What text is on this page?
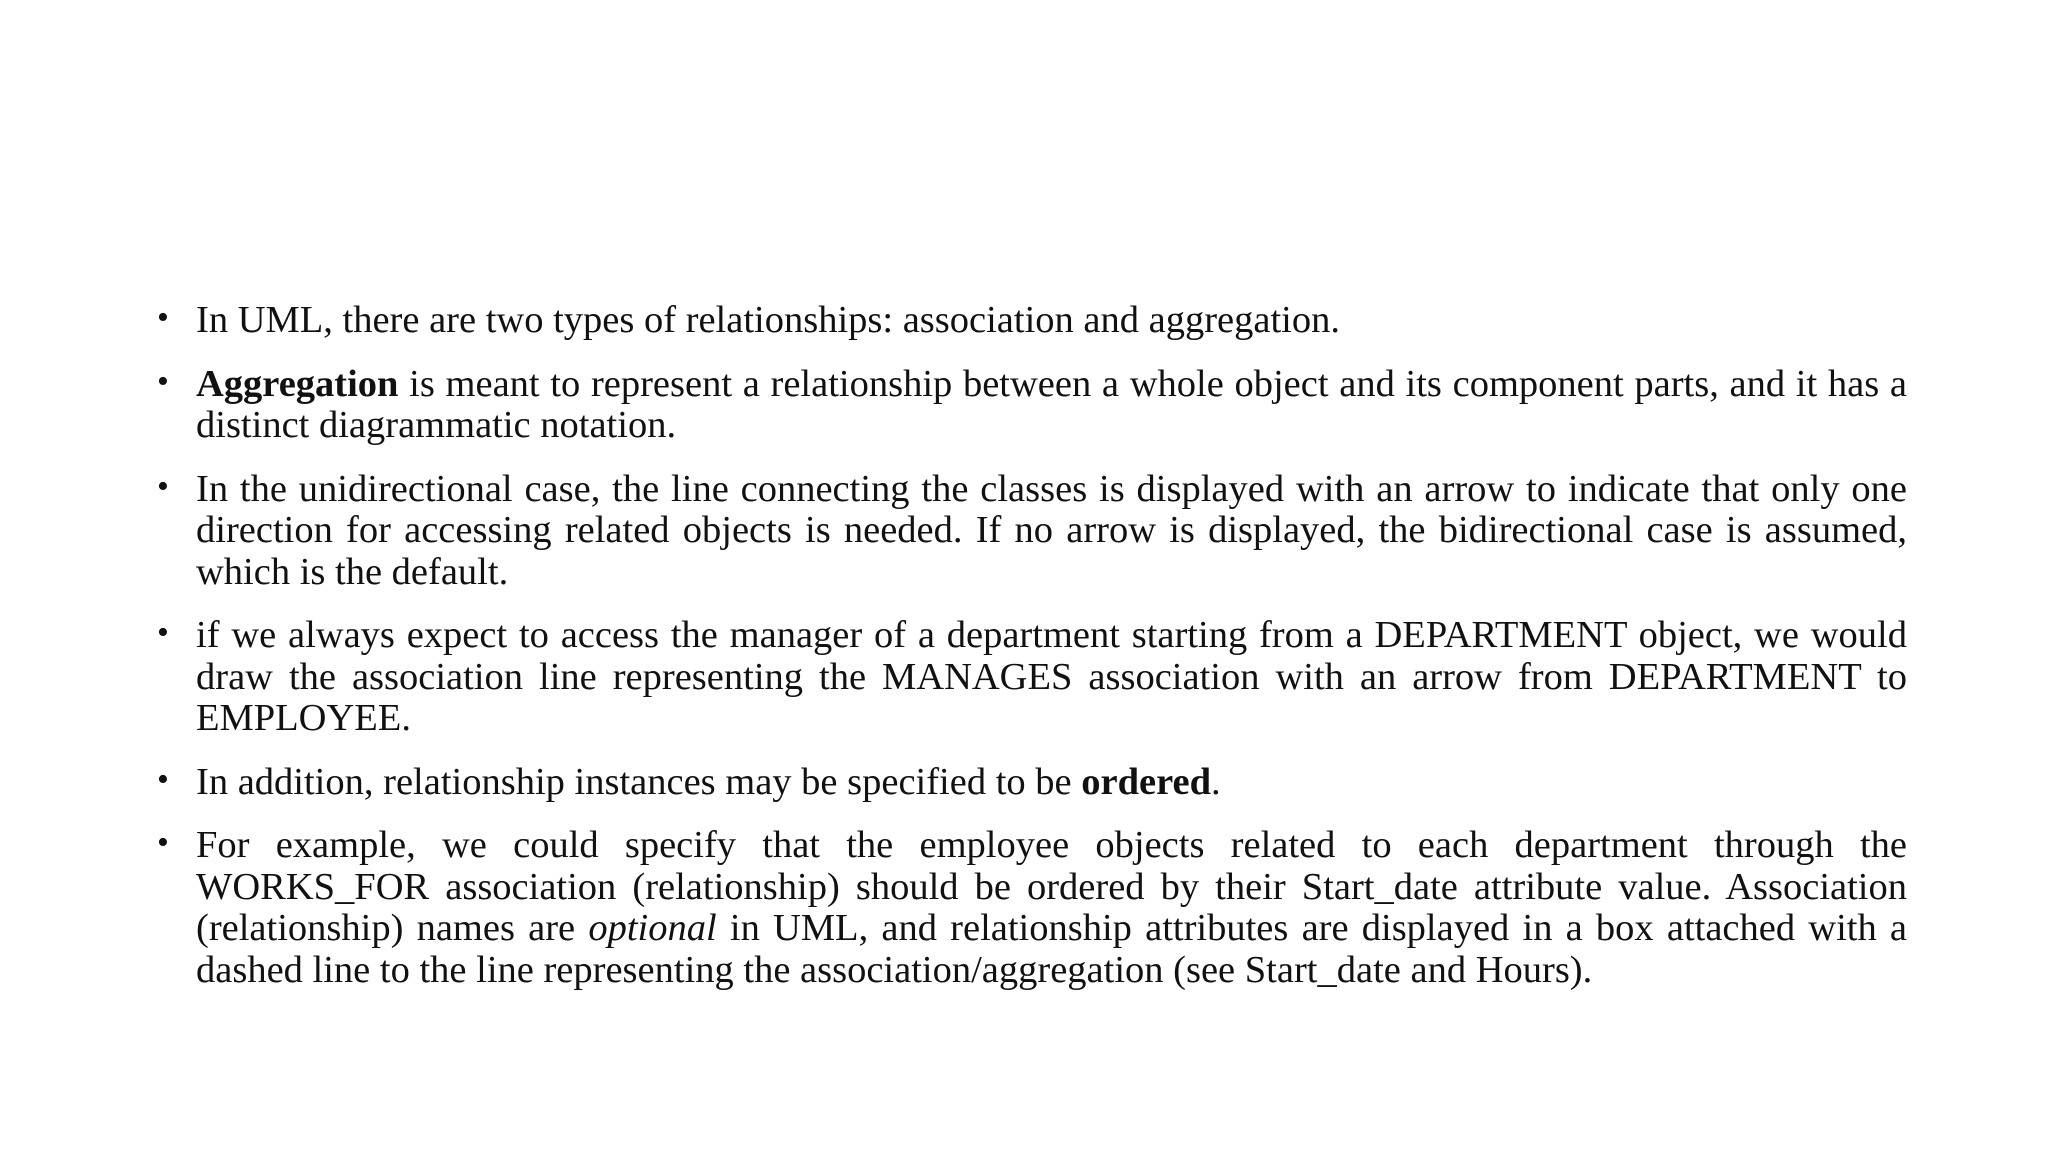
• In UML, there are two types of relationships: association and aggregation.
• Aggregation is meant to represent a relationship between a whole object and its component parts, and it has a distinct diagrammatic notation.
• In the unidirectional case, the line connecting the classes is displayed with an arrow to indicate that only one direction for accessing related objects is needed. If no arrow is displayed, the bidirectional case is assumed, which is the default.
• if we always expect to access the manager of a department starting from a DEPARTMENT object, we would draw the association line representing the MANAGES association with an arrow from DEPARTMENT to EMPLOYEE.
• In addition, relationship instances may be specified to be ordered.
• For example, we could specify that the employee objects related to each department through the WORKS_FOR association (relationship) should be ordered by their Start_date attribute value. Association (relationship) names are optional in UML, and relationship attributes are displayed in a box attached with a dashed line to the line representing the association/aggregation (see Start_date and Hours).
